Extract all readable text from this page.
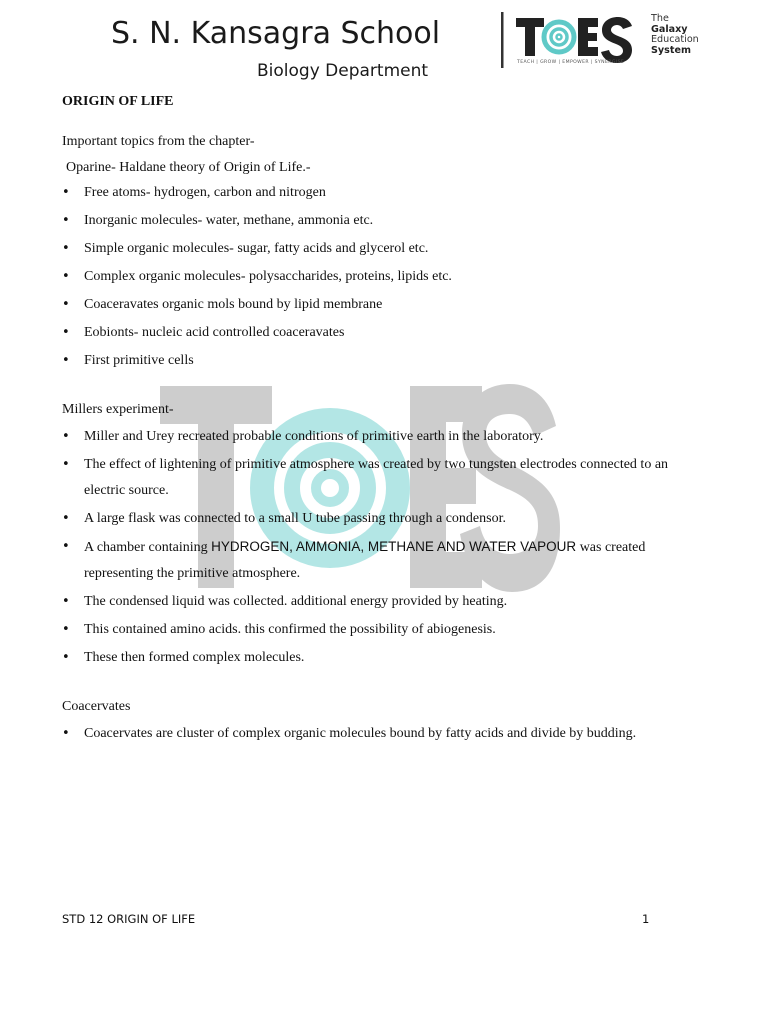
S. N. Kansagra School
Biology Department
The
Galaxy
Education
System
TEACH | GROW | EMPOWER | SYNERGISE

ORIGIN OF LIFE

Important topics from the chapter-

Oparine- Haldane theory of Origin of Life.-

• Free atoms- hydrogen, carbon and nitrogen
• Inorganic molecules- water, methane, ammonia etc.
• Simple organic molecules- sugar, fatty acids and glycerol etc.
• Complex organic molecules- polysaccharides, proteins, lipids etc.
• Coaceravates organic mols bound by lipid membrane
• Eobionts- nucleic acid controlled coaceravates
• First primitive cells

Millers experiment-

• Miller and Urey recreated probable conditions of primitive earth in the laboratory.
• The effect of lightening of primitive atmosphere was created by two tungsten electrodes connected to an electric source.
• A large flask was connected to a small U tube passing through a condensor.
• A chamber containing HYDROGEN, AMMONIA, METHANE AND WATER VAPOUR was created representing the primitive atmosphere.
• The condensed liquid was collected. additional energy provided by heating.
• This contained amino acids. this confirmed the possibility of abiogenesis.
• These then formed complex molecules.

Coacervates

• Coacervates are cluster of complex organic molecules bound by fatty acids and divide by budding.
STD 12 ORIGIN OF LIFE	1
